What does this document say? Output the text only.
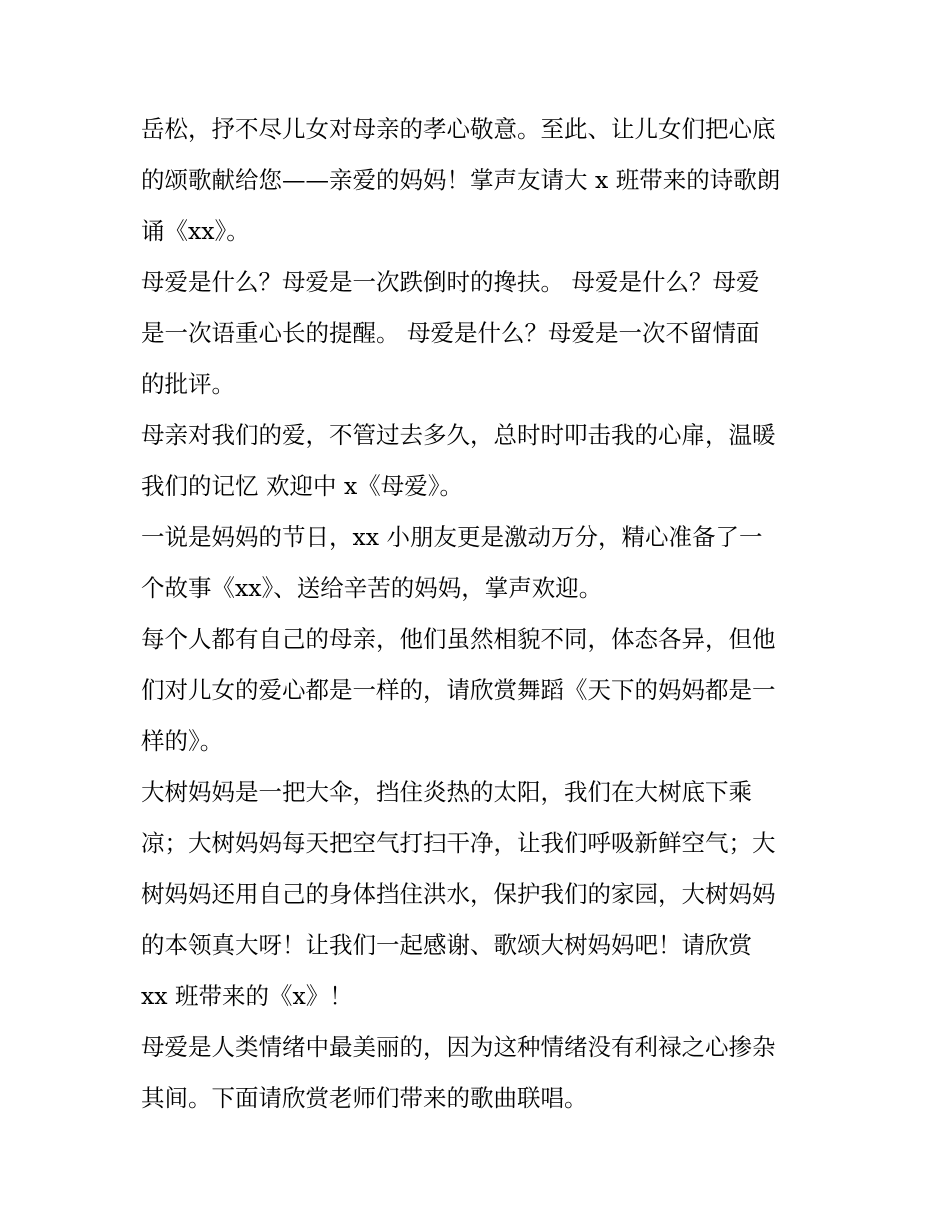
岳松，抒不尽儿女对母亲的孝心敬意。至此、让儿女们把心底
的颂歌献给您——亲爱的妈妈！掌声友请大 x 班带来的诗歌朗
诵《xx》。
母爱是什么？母爱是一次跌倒时的搀扶。 母爱是什么？母爱
是一次语重心长的提醒。 母爱是什么？母爱是一次不留情面
的批评。
母亲对我们的爱，不管过去多久，总时时叩击我的心扉，温暖
我们的记忆 欢迎中 x《母爱》。
一说是妈妈的节日，xx 小朋友更是激动万分，精心准备了一
个故事《xx》、送给辛苦的妈妈，掌声欢迎。
每个人都有自己的母亲，他们虽然相貌不同，体态各异，但他
们对儿女的爱心都是一样的，请欣赏舞蹈《天下的妈妈都是一
样的》。
大树妈妈是一把大伞，挡住炎热的太阳，我们在大树底下乘
凉；大树妈妈每天把空气打扫干净，让我们呼吸新鲜空气；大
树妈妈还用自己的身体挡住洪水，保护我们的家园，大树妈妈
的本领真大呀！让我们一起感谢、歌颂大树妈妈吧！请欣赏
xx 班带来的《x》！
母爱是人类情绪中最美丽的，因为这种情绪没有利禄之心掺杂
其间。下面请欣赏老师们带来的歌曲联唱。
